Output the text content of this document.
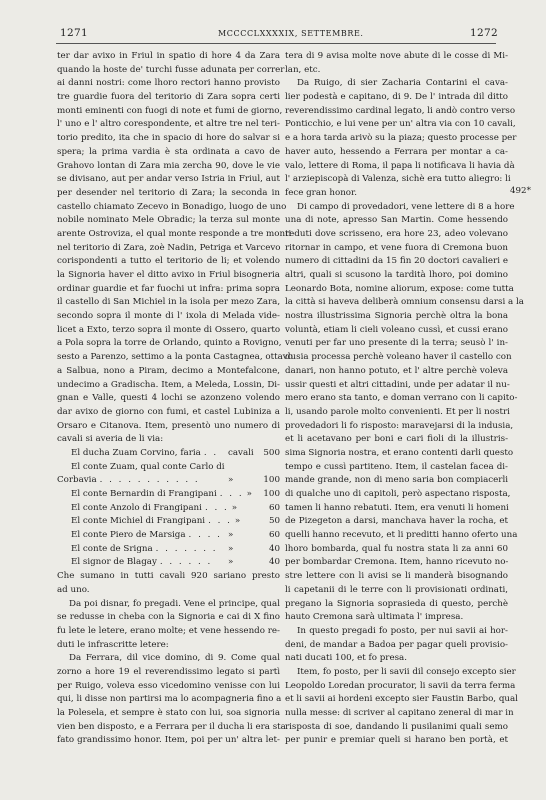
1271	MCCCCLXXXXIX, SETTEMBRE.	1272

ter dar avixo in Friul in spatio di hore 4 da Zara

quando la hoste de' turchi fusse adunata per correr

ai danni nostri: come lhoro rectori hanno provisto

tre guardie fuora del teritorio di Zara sopra certi

monti eminenti con fuogi di note et fumi de giorno,

l' uno e l' altro corespondente, et altre tre nel teri-

torio predito, ita che in spacio di hore do salvar si

spera; la prima vardia è sta ordinata a cavo de

Grahovo lontan di Zara mia zercha 90, dove le vie

se divisano, aut per andar verso Istria in Friul, aut

per desender nel teritorio di Zara; la seconda in

castello chiamato Zecevo in Bonadigo, luogo de uno

nobile nominato Mele Obradic; la terza sul monte

arente Ostroviza, el qual monte responde a tre monti

nel teritorio di Zara, zoè Nadin, Petriga et Varcevo

corispondenti a tutto el teritorio de li; et volendo

la Signoria haver el ditto avixo in Friul bisogneria

ordinar guardie et far fuochi ut infra: prima sopra

il castello di San Michiel in la isola per mezo Zara,

secondo sopra il monte di l' ixola di Melada vide-

licet a Exto, terzo sopra il monte di Ossero, quarto

a Pola sopra la torre de Orlando, quinto a Rovigno,

sesto a Parenzo, settimo a la ponta Castagnea, ottavo

a Salbua, nono a Piram, decimo a Montefalcone,

undecimo a Gradischa. Item, a Meleda, Lossin, Di-

gnan e Valle, questi 4 lochi se azonzeno volendo

dar avixo de giorno con fumi, et castel Lubiniza a

Orsaro e Citanova. Item, presentò uno numero di

cavali si averia de li via:

El ducha Zuam Corvino, faria . .	cavali	500
El conte Zuam, qual conte Carlo di
Corbavia . . . . . . . . . . .	»	100
El conte Bernardin di Frangipani . . . »	100
El conte Anzolo di Frangipani . . . »	60
El conte Michiel di Frangipani . . . »	50
El conte Piero de Marsiga . . . . »	60
El conte de Srigna . . . . . . .	»	40
El signor de Blagay . . . . . .	»	40

Che sumano in tutti cavali 920 sariano presto

ad uno.

Da poi disnar, fo pregadi. Vene el principe, qual

se redusse in cheba con la Signoria e cai di X fino

fu lete le letere, erano molte; et vene hessendo re-

duti le infrascritte letere:

Da Ferrara, dil vice domino, di 9. Come qual

zorno a hore 19 el reverendissimo legato si partì

per Ruigo, voleva esso vicedomino venisse con lui

qui, li disse non partirsi ma lo acompagneria fino a

la Polesela, et sempre è stato con lui, soa signoria

vien ben disposto, e a Ferrara per il ducha li era sta

fato grandissimo honor. Item, poi per un' altra let-

tera di 9 avisa molte nove abute di le cosse di Mi-

lan, etc.

Da Ruigo, di sier Zacharia Contarini el cava-

lier podestà e capitano, di 9. De l' intrada dil ditto

reverendissimo cardinal legato, li andò contro verso

Ponticchio, e lui vene per un' altra via con 10 cavali,

e a hora tarda arivò su la piaza; questo processe per

haver auto, hessendo a Ferrara per montar a ca-

valo, lettere di Roma, il papa li notificava li havia dà

l' arziepiscopà di Valenza, sichè era tutto aliegro: li

fece gran honor.

Di campo di provedadori, vene lettere di 8 a hore

una di note, apresso San Martin. Come hessendo

reduti dove scrisseno, era hore 23, adeo volevano

ritornar in campo, et vene fuora di Cremona buon

numero di cittadini da 15 fin 20 doctori cavalieri e

altri, quali si scusono la tardità lhoro, poi domino

Leonardo Bota, nomine aliorum, expose: come tutta

la città si haveva deliberà omnium consensu darsi a la

nostra illustrissima Signoria perchè oltra la bona

voluntà, etiam li cieli voleano cussì, et cussi erano

venuti per far uno presente di la terra; seusò l' in-

dusia processa perchè voleano haver il castello con

danari, non hanno potuto, et l' altre perchè voleva

ussir questi et altri cittadini, unde per adatar il nu-

mero erano sta tanto, e doman verrano con li capito-

li, usando parole molto convenienti. Et per li nostri

provedadori li fo risposto: maravejarsi di la indusia,

et li acetavano per boni e cari fioli di la illustris-

sima Signoria nostra, et erano contenti darli questo

tempo e cussì partiteno. Item, il castelan facea di-

mande grande, non di meno saria bon compiacerli

di qualche uno di capitoli, però aspectano risposta,

tamen li hanno rebatuti. Item, era venuti li homeni

de Pizegeton a darsi, manchava haver la rocha, et

quelli hanno recevuto, et li preditti hanno oferto una

lhoro bombarda, qual fu nostra stata li za anni 60

per bombardar Cremona. Item, hanno ricevuto no-

stre lettere con li avisi se li manderà bisognando

li capetanii di le terre con li provisionati ordinati,

pregano la Signoria soprasieda di questo, perchè

hauto Cremona sarà ultimata l' impresa.

In questo pregadi fo posto, per nui savii ai hor-

deni, de mandar a Badoa per pagar queli provisio-

nati ducati 100, et fo presa.

Item, fo posto, per li savii dil consejo excepto sier

Leopoldo Loredan procurator, li savii da terra ferma

et li savii ai hordeni excepto sier Faustin Barbo, qual

nulla messe: di scriver al capitano zeneral di mar in

risposta di soe, dandando li pusilanimi quali semo

per punir e premiar queli si harano ben portà, et

492*
